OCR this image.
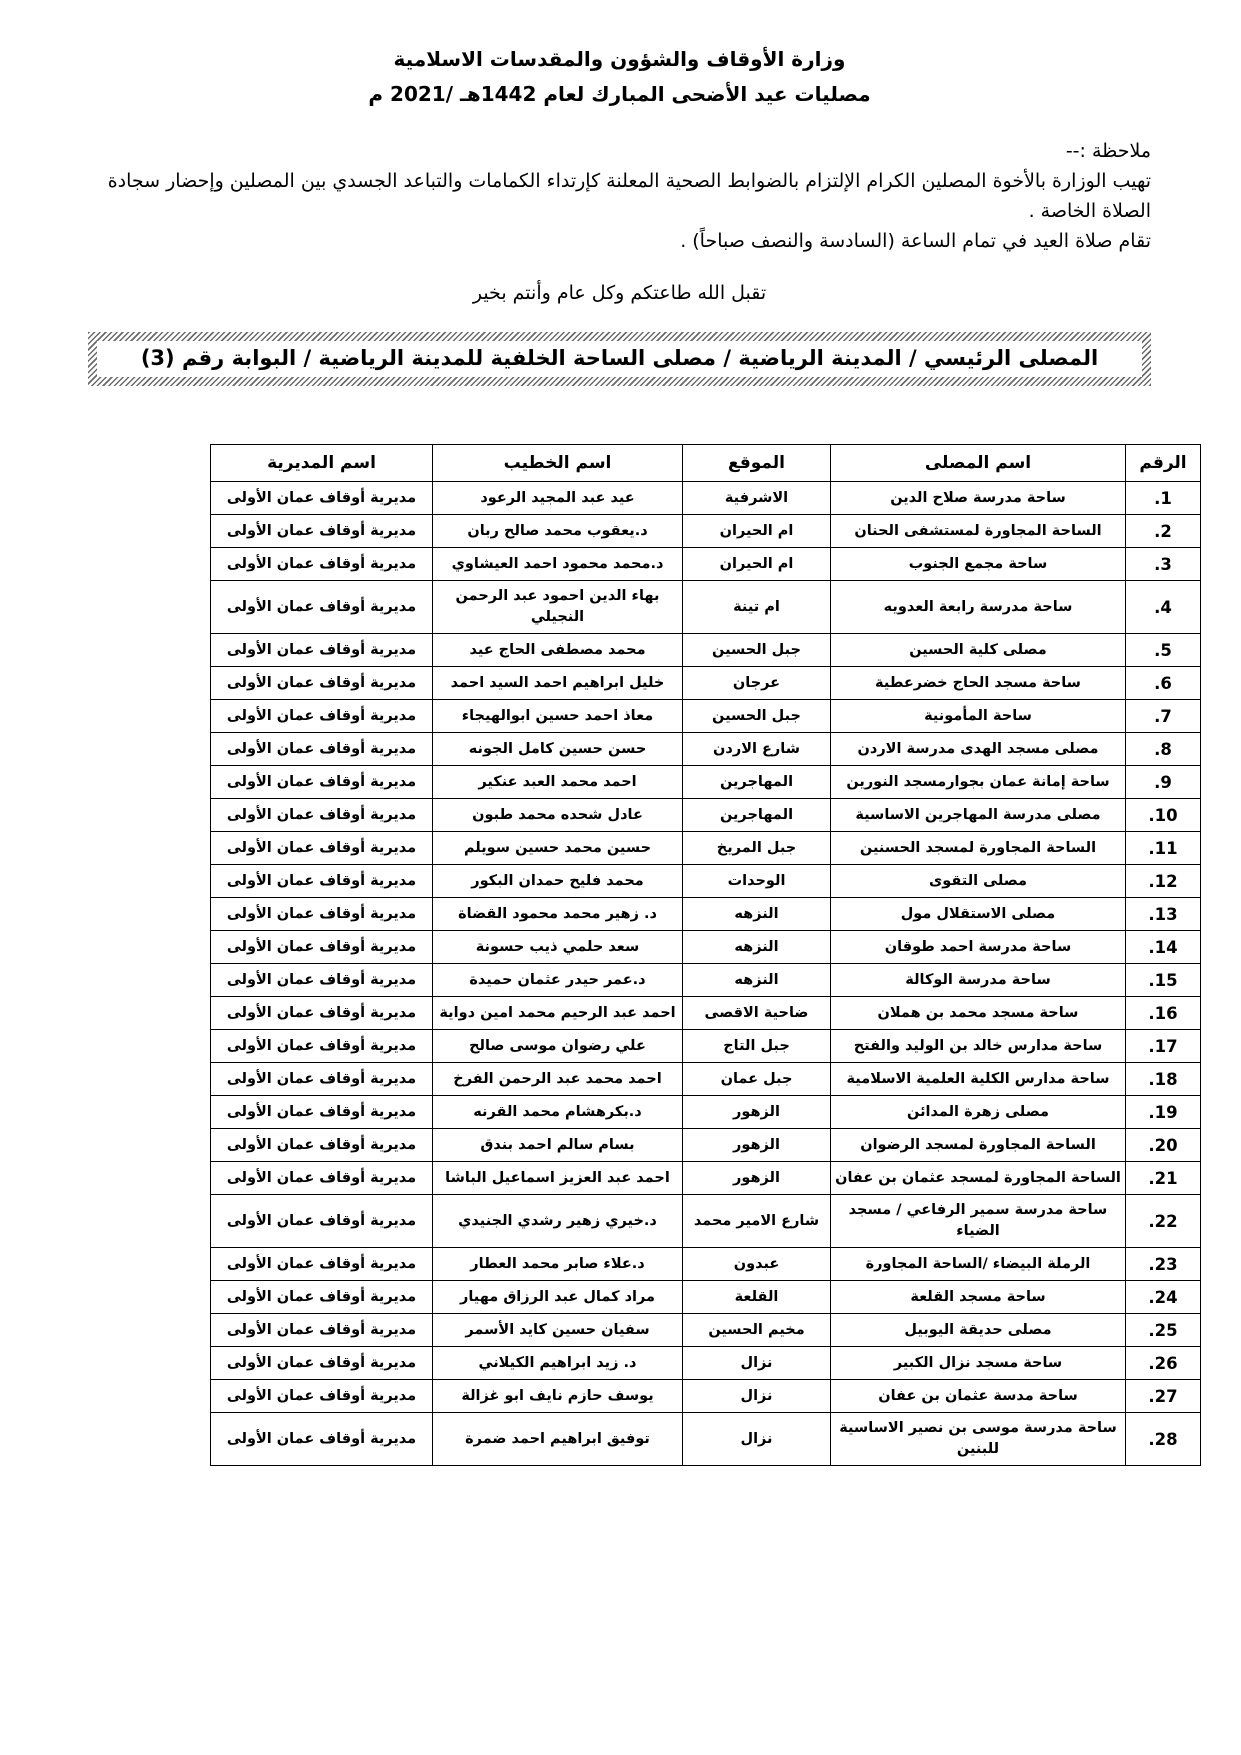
وزارة الأوقاف والشؤون والمقدسات الاسلامية
مصليات عيد الأضحى المبارك لعام 1442هـ /2021 م
ملاحظة :--

تهيب الوزارة بالأخوة المصلين الكرام الإلتزام بالضوابط الصحية المعلنة كإرتداء الكمامات والتباعد الجسدي بين المصلين وإحضار سجادة الصلاة الخاصة .

تقام صلاة العيد في تمام الساعة (السادسة والنصف صباحاً) .

تقبل الله طاعتكم وكل عام وأنتم بخير

المصلى الرئيسي / المدينة الرياضية / مصلى الساحة الخلفية للمدينة الرياضية / البوابة رقم (3)
الرقم	اسم المصلى	الموقع	اسم الخطيب	اسم المديرية
1.	ساحة مدرسة صلاح الدين	الاشرفية	عيد عبد المجيد الرعود	مديرية أوقاف عمان الأولى
2.	الساحة المجاورة لمستشفى الحنان	ام الحيران	د.يعقوب محمد صالح ربان	مديرية أوقاف عمان الأولى
3.	ساحة مجمع الجنوب	ام الحيران	د.محمد محمود احمد العيشاوي	مديرية أوقاف عمان الأولى
4.	ساحة مدرسة رابعة العدويه	ام تينة	بهاء الدين احمود عبد الرحمن النجيلي	مديرية أوقاف عمان الأولى
5.	مصلى كلية الحسين	جبل الحسين	محمد مصطفى الحاج عيد	مديرية أوقاف عمان الأولى
6.	ساحة مسجد الحاج خضرعطية	عرجان	خليل ابراهيم احمد السيد احمد	مديرية أوقاف عمان الأولى
7.	ساحة المأمونية	جبل الحسين	معاذ احمد حسين ابوالهيجاء	مديرية أوقاف عمان الأولى
8.	مصلى مسجد الهدى مدرسة الاردن	شارع الاردن	حسن حسين كامل الجونه	مديرية أوقاف عمان الأولى
9.	ساحة إمانة عمان بجوارمسجد النورين	المهاجرين	احمد محمد العبد عنكير	مديرية أوقاف عمان الأولى
10.	مصلى مدرسة المهاجرين الاساسية	المهاجرين	عادل شحده محمد طبون	مديرية أوقاف عمان الأولى
11.	الساحة المجاورة لمسجد الحسنين	جبل المريخ	حسين محمد حسين سويلم	مديرية أوقاف عمان الأولى
12.	مصلى التقوى	الوحدات	محمد فليح حمدان البكور	مديرية أوقاف عمان الأولى
13.	مصلى الاستقلال مول	النزهه	د. زهير محمد محمود القضاة	مديرية أوقاف عمان الأولى
14.	ساحة مدرسة احمد طوقان	النزهه	سعد حلمي ذيب حسونة	مديرية أوقاف عمان الأولى
15.	ساحة مدرسة الوكالة	النزهه	د.عمر حيدر عثمان حميدة	مديرية أوقاف عمان الأولى
16.	ساحة مسجد محمد بن هملان	ضاحية الاقصى	احمد عبد الرحيم محمد امين دواية	مديرية أوقاف عمان الأولى
17.	ساحة مدارس خالد بن الوليد والفتح	جبل التاج	علي رضوان موسى صالح	مديرية أوقاف عمان الأولى
18.	ساحة مدارس الكلية العلمية الاسلامية	جبل عمان	احمد محمد عبد الرحمن الفرخ	مديرية أوقاف عمان الأولى
19.	مصلى زهرة المدائن	الزهور	د.بكرهشام محمد القرنه	مديرية أوقاف عمان الأولى
20.	الساحة المجاورة لمسجد الرضوان	الزهور	بسام سالم احمد بندق	مديرية أوقاف عمان الأولى
21.	الساحة المجاورة لمسجد عثمان بن عفان	الزهور	احمد عبد العزيز اسماعيل الباشا	مديرية أوقاف عمان الأولى
22.	ساحة مدرسة سمير الرفاعي / مسجد الضياء	شارع الامير محمد	د.خيري زهير رشدي الجنيدي	مديرية أوقاف عمان الأولى
23.	الرملة البيضاء /الساحة المجاورة	عبدون	د.علاء صابر محمد العطار	مديرية أوقاف عمان الأولى
24.	ساحة مسجد القلعة	القلعة	مراد كمال عبد الرزاق مهيار	مديرية أوقاف عمان الأولى
25.	مصلى حديقة اليوبيل	مخيم الحسين	سفيان حسين كايد الأسمر	مديرية أوقاف عمان الأولى
26.	ساحة مسجد نزال الكبير	نزال	د. زيد ابراهيم الكيلاني	مديرية أوقاف عمان الأولى
27.	ساحة مدسة عثمان بن عفان	نزال	يوسف حازم نايف ابو غزالة	مديرية أوقاف عمان الأولى
28.	ساحة مدرسة موسى بن نصير الاساسية للبنين	نزال	توفيق ابراهيم احمد ضمرة	مديرية أوقاف عمان الأولى
